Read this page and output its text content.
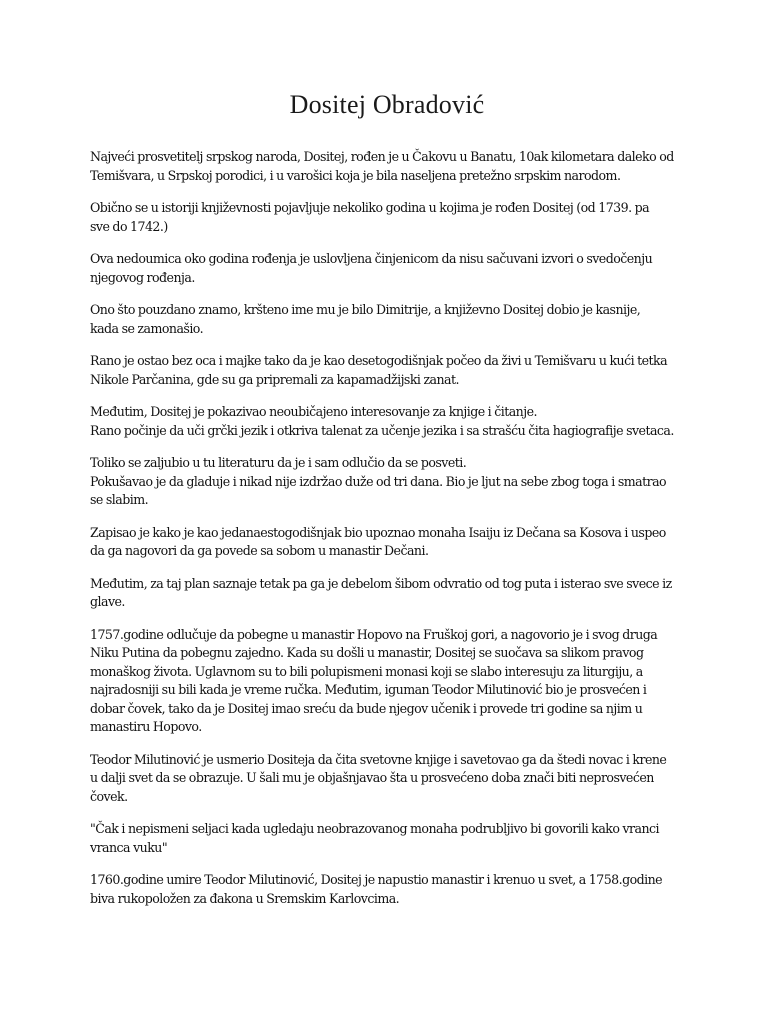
Dositej Obradović

Najveći prosvetitelj srpskog naroda, Dositej, rođen je u Čakovu u Banatu, 10ak kilometara daleko od
Temišvara, u Srpskoj porodici, i u varošici koja je bila naseljena pretežno srpskim narodom.

Obično se u istoriji književnosti pojavljuje nekoliko godina u kojima je rođen Dositej (od 1739. pa
sve do 1742.)

Ova nedoumica oko godina rođenja je uslovljena činjenicom da nisu sačuvani izvori o svedočenju
njegovog rođenja.

Ono što pouzdano znamo, kršteno ime mu je bilo Dimitrije, a književno Dositej dobio je kasnije,
kada se zamonašio.

Rano je ostao bez oca i majke tako da je kao desetogodišnjak počeo da živi u Temišvaru u kući tetka
Nikole Parčanina, gde su ga pripremali za kapamadžijski zanat.

Međutim, Dositej je pokazivao neoubičajeno interesovanje za knjige i čitanje.
Rano počinje da uči grčki jezik i otkriva talenat za učenje jezika i sa strašću čita hagiografije svetaca.

Toliko se zaljubio u tu literaturu da je i sam odlučio da se posveti.
Pokušavao je da gladuje i nikad nije izdržao duže od tri dana. Bio je ljut na sebe zbog toga i smatrao
se slabim.

Zapisao je kako je kao jedanaestogodišnjak bio upoznao monaha Isaiju iz Dečana sa Kosova i uspeo
da ga nagovori da ga povede sa sobom u manastir Dečani.

Međutim, za taj plan saznaje tetak pa ga je debelom šibom odvratio od tog puta i isterao sve svece iz
glave.

1757.godine odlučuje da pobegne u manastir Hopovo na Fruškoj gori, a nagovorio je i svog druga
Niku Putina da pobegnu zajedno. Kada su došli u manastir, Dositej se suočava sa slikom pravog
monaškog života. Uglavnom su to bili polupismeni monasi koji se slabo interesuju za liturgiju, a
najradosniji su bili kada je vreme ručka. Međutim, iguman Teodor Milutinović bio je prosvećen i
dobar čovek, tako da je Dositej imao sreću da bude njegov učenik i provede tri godine sa njim u
manastiru Hopovo.

Teodor Milutinović je usmerio Dositeja da čita svetovne knjige i savetovao ga da štedi novac i krene
u dalji svet da se obrazuje. U šali mu je objašnjavao šta u prosvećeno doba znači biti neprosvećen
čovek.

"Čak i nepismeni seljaci kada ugledaju neobrazovanog monaha podrubljivo bi govorili kako vranci
vranca vuku"

1760.godine umire Teodor Milutinović, Dositej je napustio manastir i krenuo u svet, a 1758.godine
biva rukopoložen za đakona u Sremskim Karlovcima.
